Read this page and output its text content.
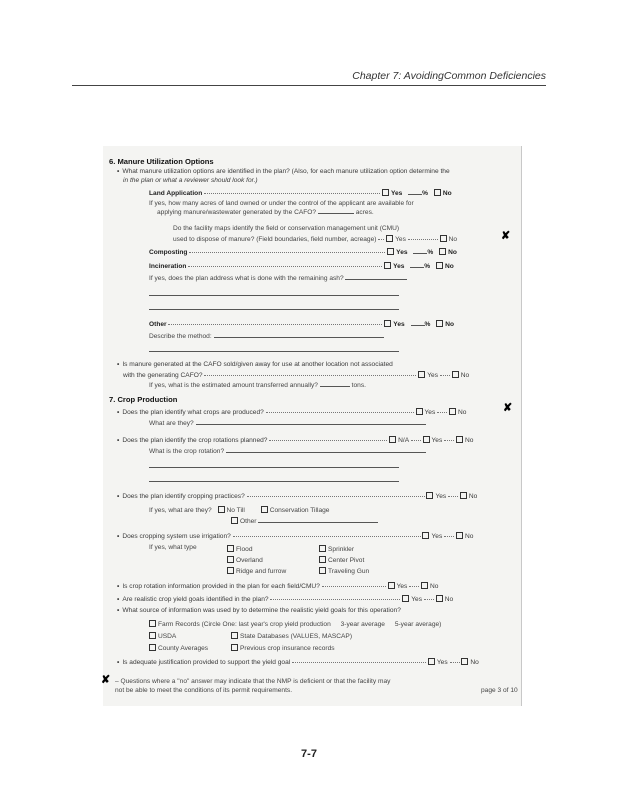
Chapter 7: AvoidingCommon Deficiencies
6. Manure Utilization Options
• What manure utilization options are identified in the plan? (Also, for each manure utilization option determine the
in the plan or what a reviewer should look for.)
Land Application	Yes	% No
If yes, how many acres of land owned or under the control of the applicant are available for
applying manure/wastewater generated by the CAFO?	acres.
Do the facility maps identify the field or conservation management unit (CMU)
used to dispose of manure? (Field boundaries, field number, acreage)	Yes	No	✘
Composting	Yes	% No
Incineration	Yes	% No
If yes, does the plan address what is done with the remaining ash?
Other	Yes	% No
Describe the method:
• Is manure generated at the CAFO sold/given away for use at another location not associated
with the generating CAFO?	Yes	No
If yes, what is the estimated amount transferred annually?	tons.
7. Crop Production
• Does the plan identify what crops are produced?	Yes	No	✘
What are they?
• Does the plan identify the crop rotations planned?	N/A	Yes	No
What is the crop rotation?
• Does the plan identify cropping practices?	Yes	No
If yes, what are they? No Till	Conservation Tillage
Other
• Does cropping system use irrigation?	Yes	No
If yes, what type	Flood	Sprinkler
Overland	Center Pivot
Ridge and furrow	Traveling Gun
• Is crop rotation information provided in the plan for each field/CMU?	Yes	No
• Are realistic crop yield goals identified in the plan?	Yes	No
• What source of information was used by to determine the realistic yield goals for this operation?
Farm Records (Circle One: last year's crop yield production 3-year average 5-year average)
USDA	State Databases (VALUES, MASCAP)
County Averages	Previous crop insurance records
• Is adequate justification provided to support the yield goal	Yes	No
✘ – Questions where a "no" answer may indicate that the NMP is deficient or that the facility may
not be able to meet the conditions of its permit requirements.	page 3 of 10
7-7
